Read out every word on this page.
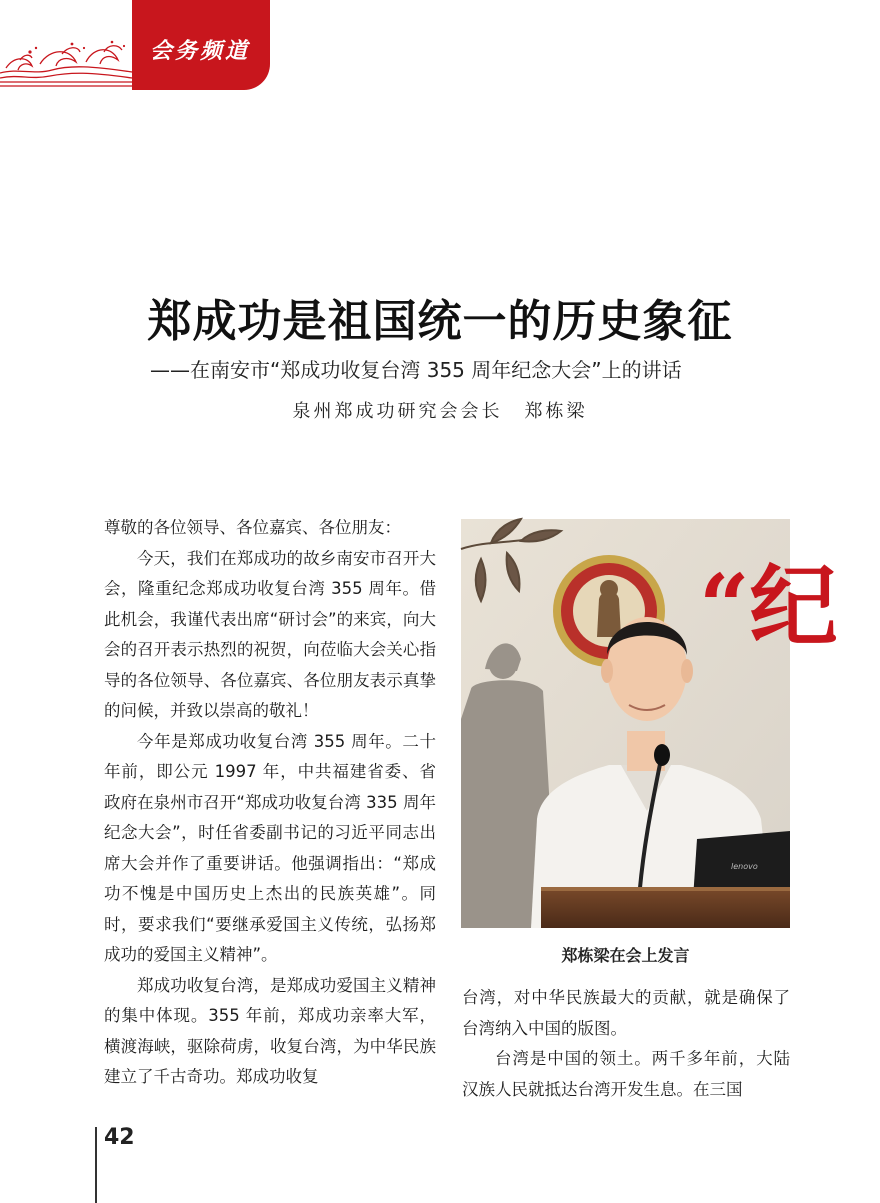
会务频道
郑成功是祖国统一的历史象征
——在南安市“郑成功收复台湾 355 周年纪念大会”上的讲话
泉州郑成功研究会会长 郑栋梁

尊敬的各位领导、各位嘉宾、各位朋友：

今天，我们在郑成功的故乡南安市召开大会，隆重纪念郑成功收复台湾 355 周年。借此机会，我谨代表出席“研讨会”的来宾，向大会的召开表示热烈的祝贺，向莅临大会关心指导的各位领导、各位嘉宾、各位朋友表示真挚的问候，并致以崇高的敬礼！

今年是郑成功收复台湾 355 周年。二十年前，即公元 1997 年，中共福建省委、省政府在泉州市召开“郑成功收复台湾 335 周年纪念大会”，时任省委副书记的习近平同志出席大会并作了重要讲话。他强调指出：“郑成功不愧是中国历史上杰出的民族英雄”。同时，要求我们“要继承爱国主义传统，弘扬郑成功的爱国主义精神”。

郑成功收复台湾，是郑成功爱国主义精神的集中体现。355 年前，郑成功亲率大军，横渡海峡，驱除荷虏，收复台湾，为中华民族建立了千古奇功。郑成功收复

“纪
lenovo
郑栋梁在会上发言

台湾，对中华民族最大的贡献，就是确保了台湾纳入中国的版图。

台湾是中国的领土。两千多年前，大陆汉族人民就抵达台湾开发生息。在三国

42
